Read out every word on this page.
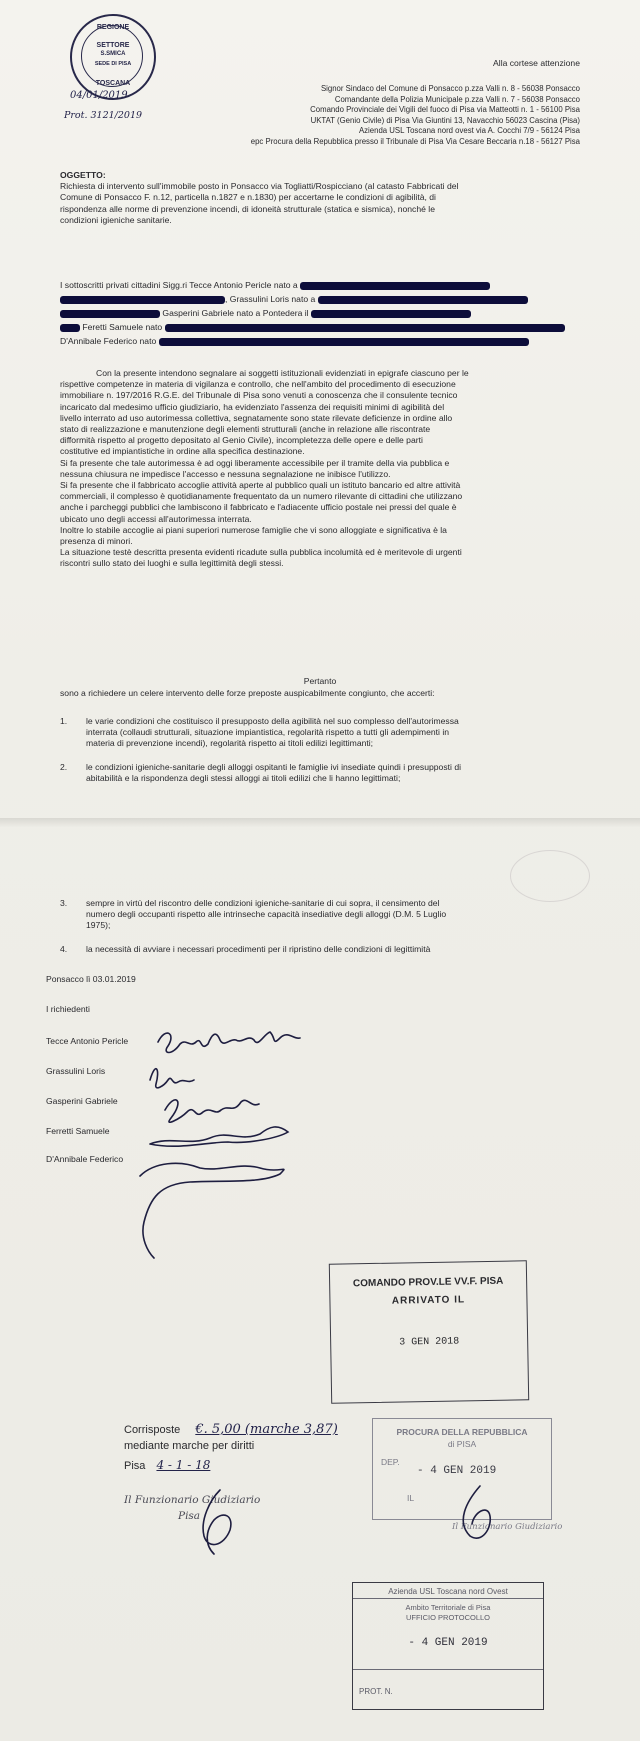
REGIONE
SETTORE
S.SMICA
SEDE DI PISA
TOSCANA
04/01/2019
Prot. 3121/2019
Alla cortese attenzione
Signor Sindaco del Comune di Ponsacco p.zza Valli n. 8 - 56038 Ponsacco
Comandante della Polizia Municipale p.zza Valli n. 7 - 56038 Ponsacco
Comando Provinciale dei Vigili del fuoco di Pisa via Matteotti n. 1 - 56100 Pisa
UKTAT (Genio Civile) di Pisa Via Giuntini 13, Navacchio 56023 Cascina (Pisa)
Azienda USL Toscana nord ovest via A. Cocchi 7/9 - 56124 Pisa
epc Procura della Repubblica presso il Tribunale di Pisa Via Cesare Beccaria n.18 - 56127 Pisa
OGGETTO:
Richiesta di intervento sull'immobile posto in Ponsacco via Togliatti/Rospicciano (al catasto Fabbricati del
Comune di Ponsacco F. n.12, particella n.1827 e n.1830) per accertarne le condizioni di agibilità, di
rispondenza alle norme di prevenzione incendi, di idoneità strutturale (statica e sismica), nonché le
condizioni igieniche sanitarie.
I sottoscritti privati cittadini Sigg.ri Tecce Antonio Pericle nato a
, Grassulini Loris nato a
Gasperini Gabriele nato a Pontedera il
Feretti Samuele nato
D'Annibale Federico nato
Con la presente intendono segnalare ai soggetti istituzionali evidenziati in epigrafe ciascuno per le
rispettive competenze in materia di vigilanza e controllo, che nell'ambito del procedimento di esecuzione
immobiliare n. 197/2016 R.G.E. del Tribunale di Pisa sono venuti a conoscenza che il consulente tecnico
incaricato dal medesimo ufficio giudiziario, ha evidenziato l'assenza dei requisiti minimi di agibilità del
livello interrato ad uso autorimessa collettiva, segnatamente sono state rilevate deficienze in ordine allo
stato di realizzazione e manutenzione degli elementi strutturali (anche in relazione alle riscontrate
difformità rispetto al progetto depositato al Genio Civile), incompletezza delle opere e delle parti
costitutive ed impiantistiche in ordine alla specifica destinazione.
Si fa presente che tale autorimessa è ad oggi liberamente accessibile per il tramite della via pubblica e
nessuna chiusura ne impedisce l'accesso e nessuna segnalazione ne inibisce l'utilizzo.
Si fa presente che il fabbricato accoglie attività aperte al pubblico quali un istituto bancario ed altre attività
commerciali, il complesso è quotidianamente frequentato da un numero rilevante di cittadini che utilizzano
anche i parcheggi pubblici che lambiscono il fabbricato e l'adiacente ufficio postale nei pressi del quale è
ubicato uno degli accessi all'autorimessa interrata.
Inoltre lo stabile accoglie ai piani superiori numerose famiglie che vi sono alloggiate e significativa è la
presenza di minori.
La situazione testè descritta presenta evidenti ricadute sulla pubblica incolumità ed è meritevole di urgenti
riscontri sullo stato dei luoghi e sulla legittimità degli stessi.
Pertanto
sono a richiedere un celere intervento delle forze preposte auspicabilmente congiunto, che accerti:
1. le varie condizioni che costituisco il presupposto della agibilità nel suo complesso dell'autorimessa
interrata (collaudi strutturali, situazione impiantistica, regolarità rispetto a tutti gli adempimenti in
materia di prevenzione incendi), regolarità rispetto ai titoli edilizi legittimanti;
2. le condizioni igieniche-sanitarie degli alloggi ospitanti le famiglie ivi insediate quindi i presupposti di
abitabilità e la rispondenza degli stessi alloggi ai titoli edilizi che li hanno legittimati;
3. sempre in virtù del riscontro delle condizioni igieniche-sanitarie di cui sopra, il censimento del
numero degli occupanti rispetto alle intrinseche capacità insediative degli alloggi (D.M. 5 Luglio
1975);
4. la necessità di avviare i necessari procedimenti per il ripristino delle condizioni di legittimità
Ponsacco lì 03.01.2019
I richiedenti
Tecce Antonio Pericle
Grassulini Loris
Gasperini Gabriele
Ferretti Samuele
D'Annibale Federico
COMANDO PROV.LE VV.F. PISA
ARRIVATO IL
3 GEN 2018
Corrisposte €. 5,00 (marche 3,87)
mediante marche per diritti
Pisa 4 - 1 - 18
Il Funzionario Giudiziario
Pisa
PROCURA DELLA REPUBBLICA
di PISA
DEP.
- 4 GEN 2019
IL
Il Funzionario Giudiziario
Azienda USL Toscana nord Ovest
Ambito Territoriale di Pisa
UFFICIO PROTOCOLLO
- 4 GEN 2019
PROT. N.
